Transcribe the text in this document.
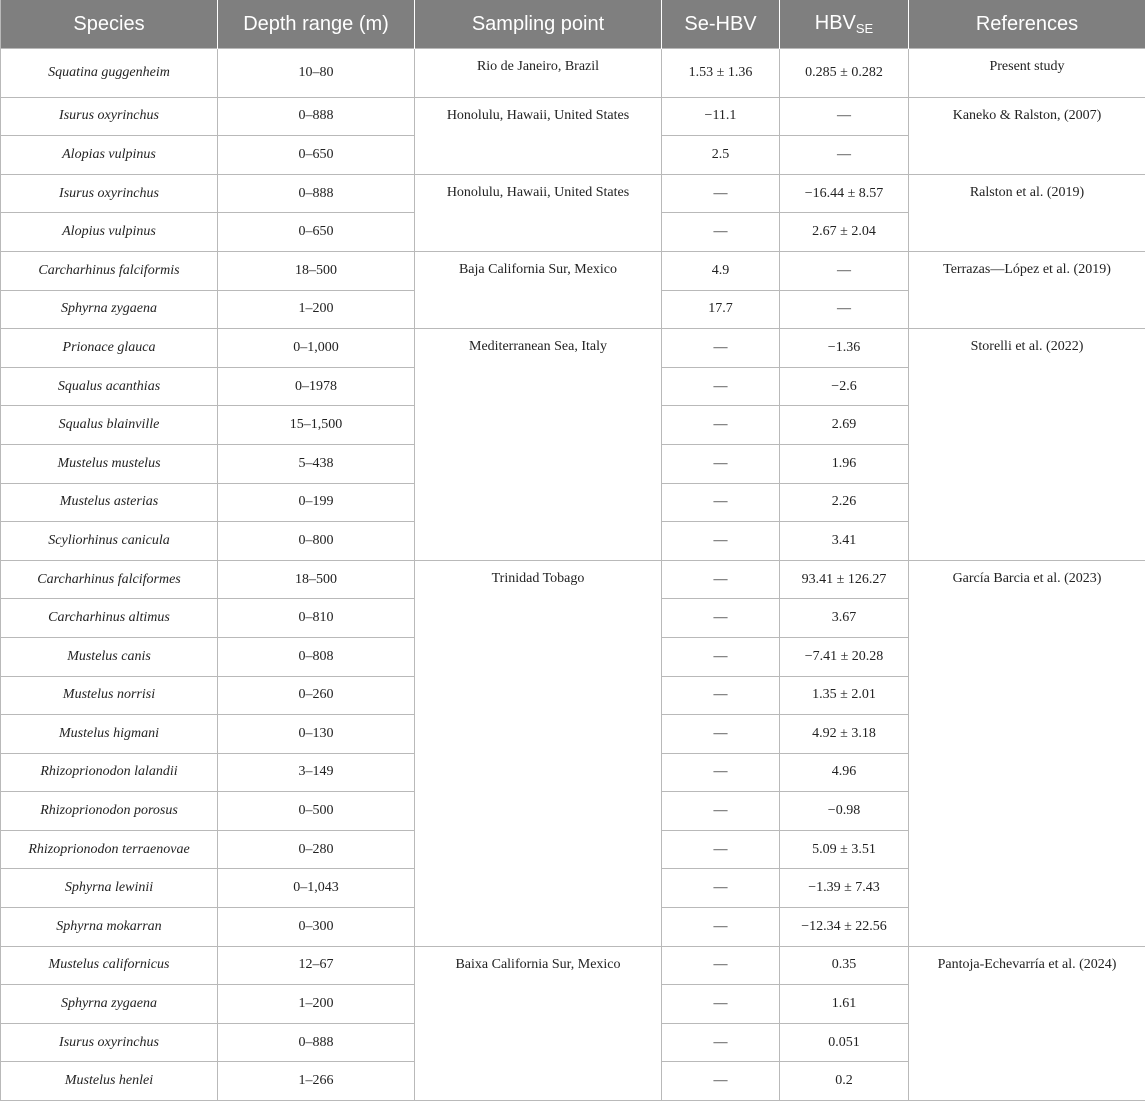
Species	Depth range (m)	Sampling point	Se-HBV	$HBV_{SE}$	References
Squatina guggenheim	10–80	Rio de Janeiro, Brazil	1.53 ± 1.36	0.285 ± 0.282	Present study
Isurus oxyrinchus	0–888	Honolulu, Hawaii, United States	−11.1	—	Kaneko & Ralston, (2007)
Alopias vulpinus	0–650		2.5	—	
Isurus oxyrinchus	0–888	Honolulu, Hawaii, United States	—	−16.44 ± 8.57	Ralston et al. (2019)
Alopius vulpinus	0–650		—	2.67 ± 2.04	
Carcharhinus falciformis	18–500	Baja California Sur, Mexico	4.9	—	Terrazas—López et al. (2019)
Sphyrna zygaena	1–200		17.7	—	
Prionace glauca	0–1,000	Mediterranean Sea, Italy	—	−1.36	Storelli et al. (2022)
Squalus acanthias	0–1978		—	−2.6	
Squalus blainville	15–1,500		—	2.69	
Mustelus mustelus	5–438		—	1.96	
Mustelus asterias	0–199		—	2.26	
Scyliorhinus canicula	0–800		—	3.41	
Carcharhinus falciformes	18–500	Trinidad Tobago	—	93.41 ± 126.27	García Barcia et al. (2023)
Carcharhinus altimus	0–810		—	3.67	
Mustelus canis	0–808		—	−7.41 ± 20.28	
Mustelus norrisi	0–260		—	1.35 ± 2.01	
Mustelus higmani	0–130		—	4.92 ± 3.18	
Rhizoprionodon lalandii	3–149		—	4.96	
Rhizoprionodon porosus	0–500		—	−0.98	
Rhizoprionodon terraenovae	0–280		—	5.09 ± 3.51	
Sphyrna lewinii	0–1,043		—	−1.39 ± 7.43	
Sphyrna mokarran	0–300		—	−12.34 ± 22.56	
Mustelus californicus	12–67	Baixa California Sur, Mexico	—	0.35	Pantoja-Echevarría et al. (2024)
Sphyrna zygaena	1–200		—	1.61	
Isurus oxyrinchus	0–888		—	0.051	
Mustelus henlei	1–266		—	0.2	
